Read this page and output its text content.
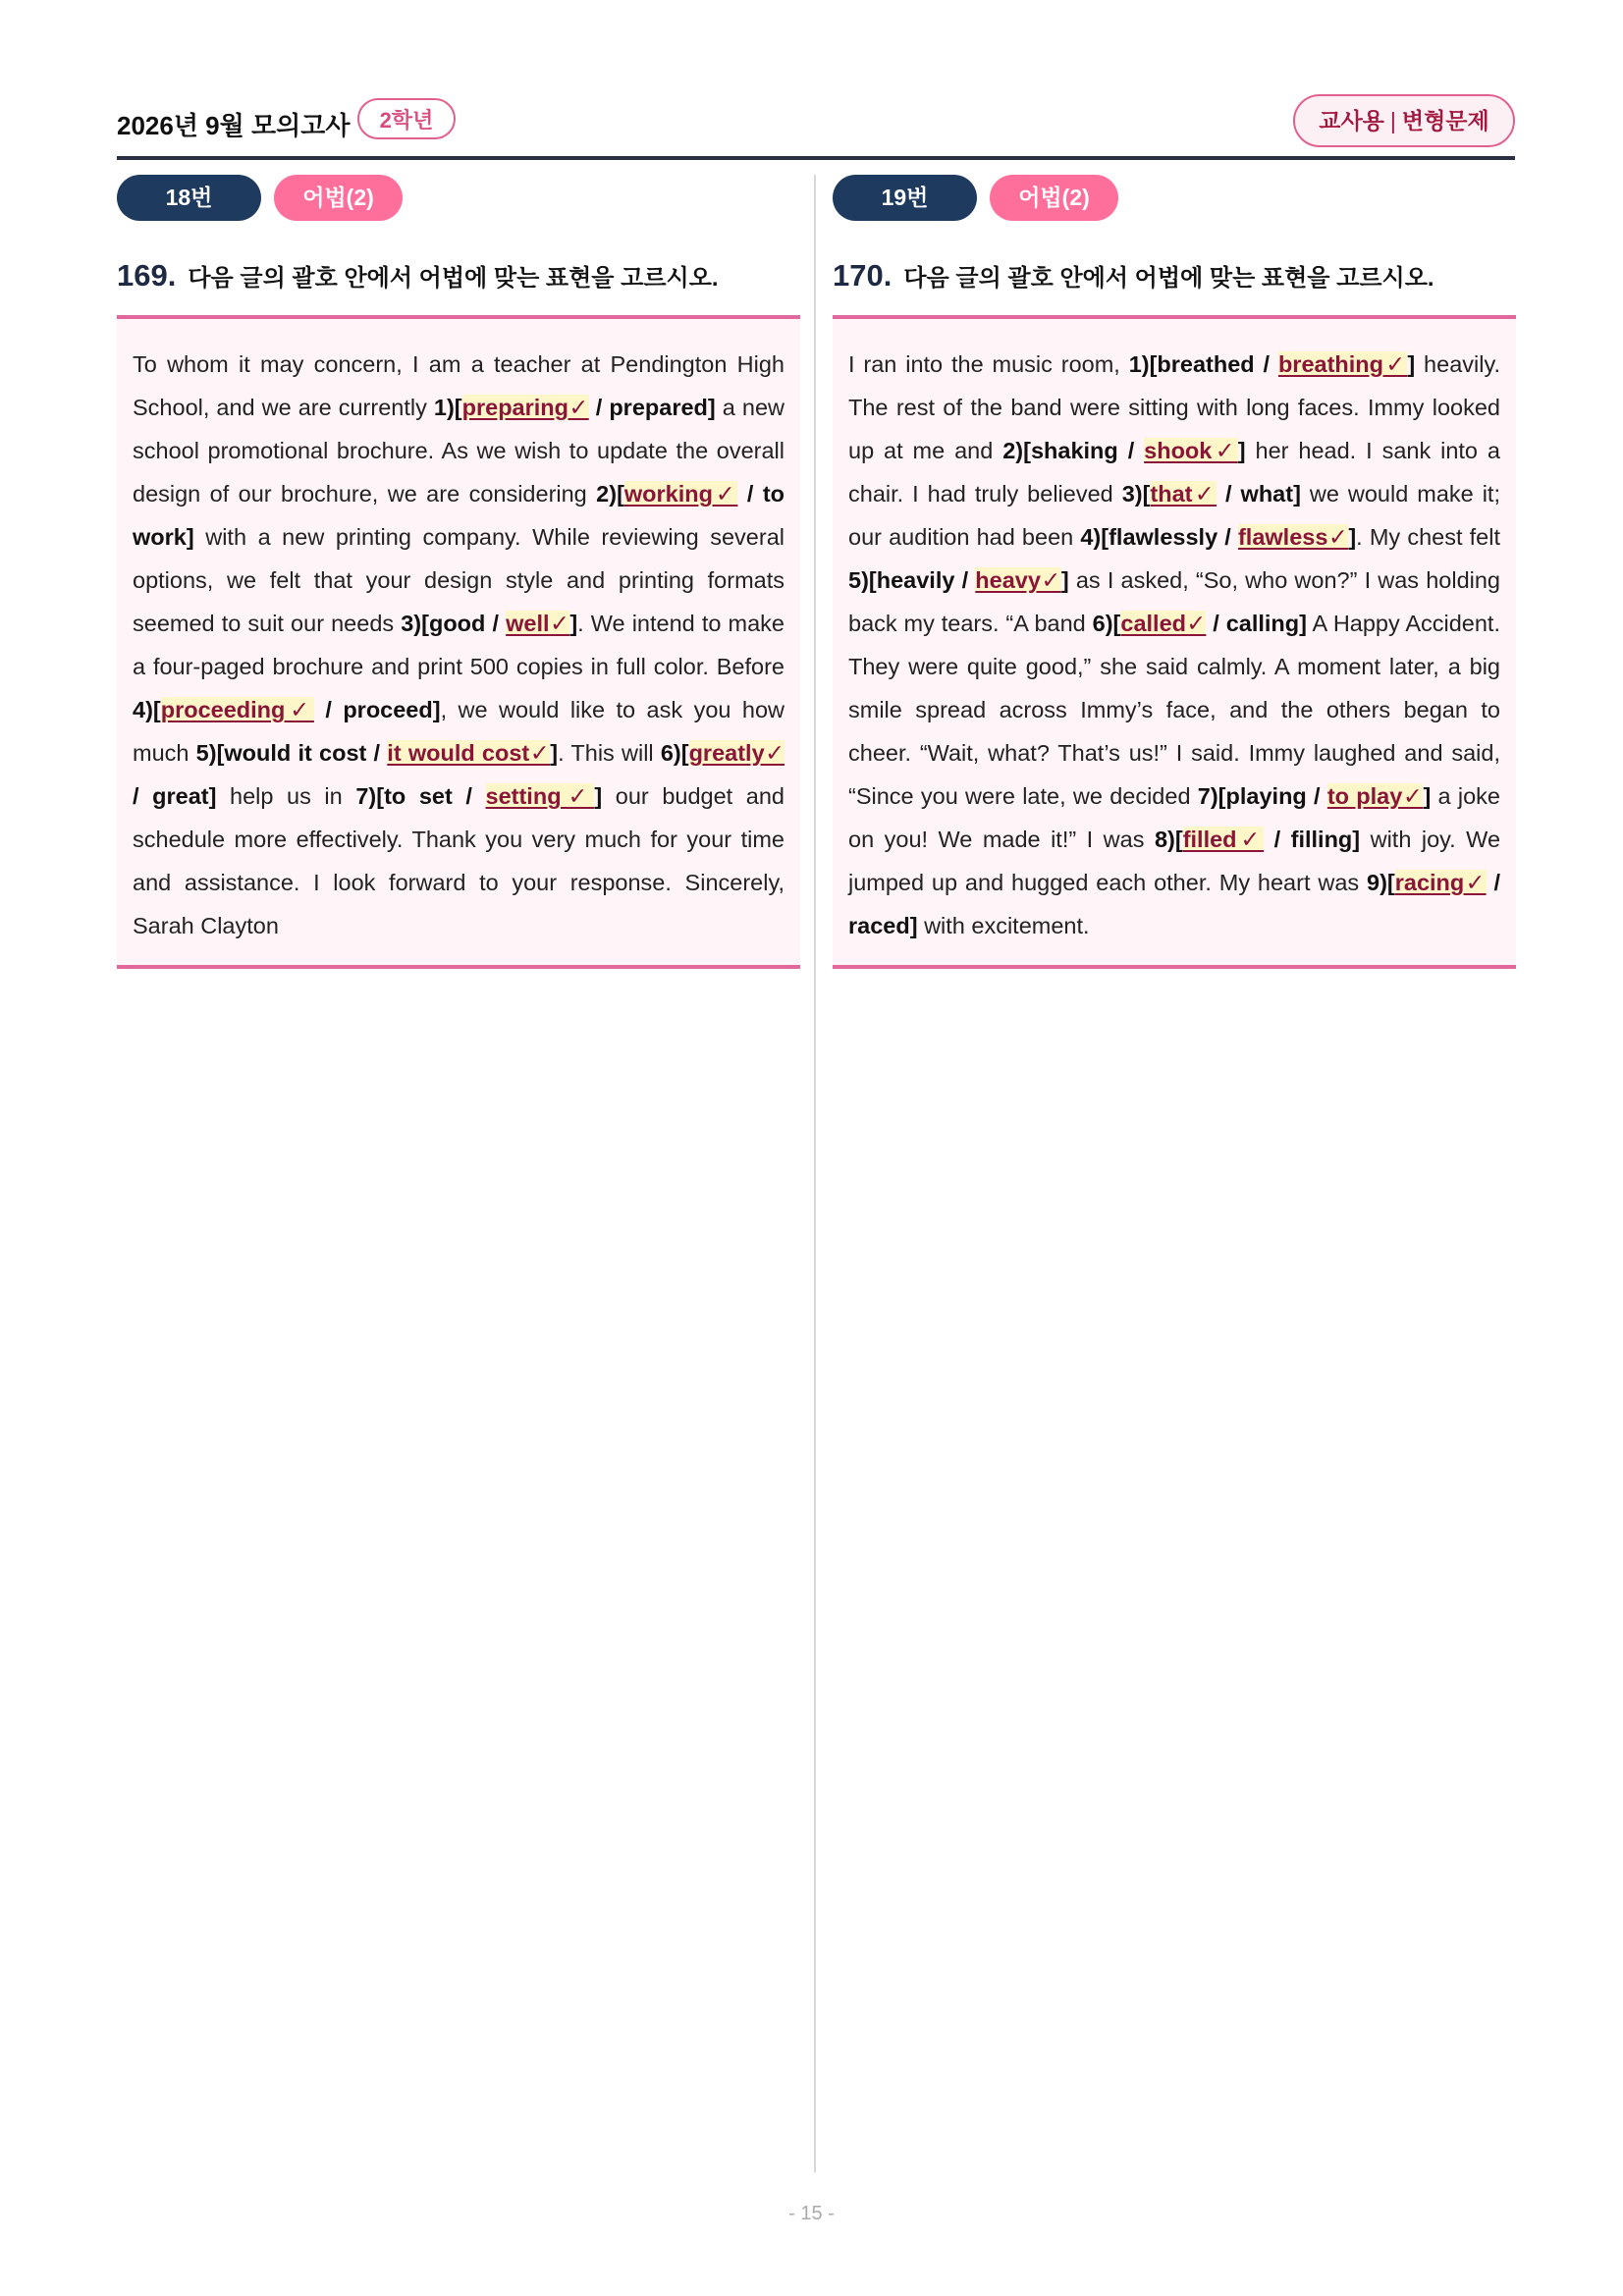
2026년 9월 모의고사	2학년	교사용 | 변형문제
18번	어법(2)
169. 다음 글의 괄호 안에서 어법에 맞는 표현을 고르시오.
To whom it may concern, I am a teacher at Pendington High School, and we are currently 1)[preparing✓ / prepared] a new school promotional brochure. As we wish to update the overall design of our brochure, we are considering 2)[working✓ / to work] with a new printing company. While reviewing several options, we felt that your design style and printing formats seemed to suit our needs 3)[good / well✓]. We intend to make a four-paged brochure and print 500 copies in full color. Before 4)[proceeding✓ / proceed], we would like to ask you how much 5)[would it cost / it would cost✓]. This will 6)[greatly✓ / great] help us in 7)[to set / setting✓] our budget and schedule more effectively. Thank you very much for your time and assistance. I look forward to your response. Sincerely, Sarah Clayton
19번	어법(2)
170. 다음 글의 괄호 안에서 어법에 맞는 표현을 고르시오.
I ran into the music room, 1)[breathed / breathing✓] heavily. The rest of the band were sitting with long faces. Immy looked up at me and 2)[shaking / shook✓] her head. I sank into a chair. I had truly believed 3)[that✓ / what] we would make it; our audition had been 4)[flawlessly / flawless✓]. My chest felt 5)[heavily / heavy✓] as I asked, “So, who won?” I was holding back my tears. “A band 6)[called✓ / calling] A Happy Accident. They were quite good,” she said calmly. A moment later, a big smile spread across Immy’s face, and the others began to cheer. “Wait, what? That’s us!” I said. Immy laughed and said, “Since you were late, we decided 7)[playing / to play✓] a joke on you! We made it!” I was 8)[filled✓ / filling] with joy. We jumped up and hugged each other. My heart was 9)[racing✓ / raced] with excitement.
- 15 -
